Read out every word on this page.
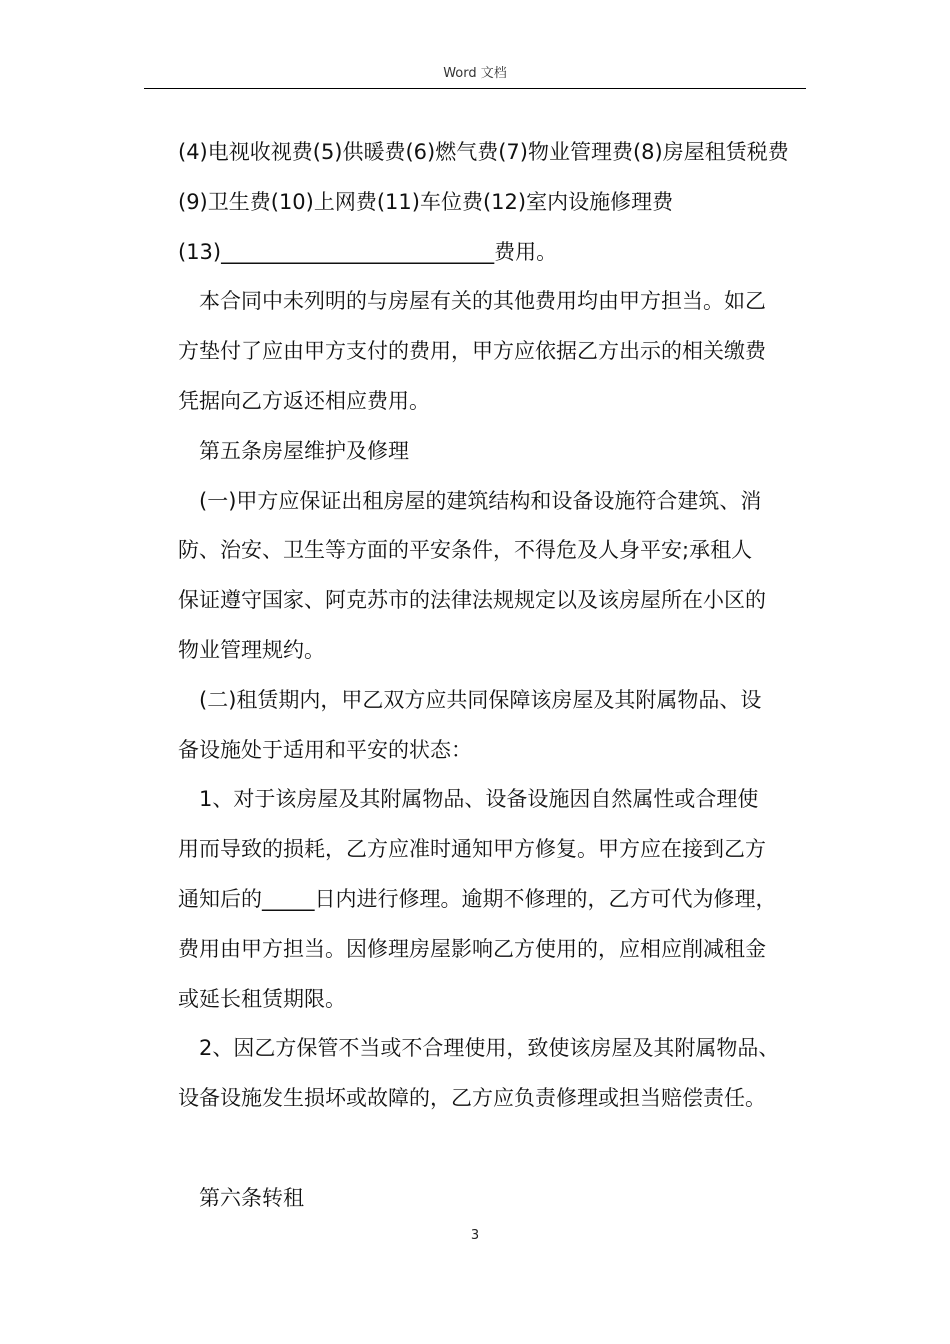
Word 文档
(4)电视收视费(5)供暖费(6)燃气费(7)物业管理费(8)房屋租赁税费
(9)卫生费(10)上网费(11)车位费(12)室内设施修理费
(13)__________________________费用。
本合同中未列明的与房屋有关的其他费用均由甲方担当。如乙
方垫付了应由甲方支付的费用，甲方应依据乙方出示的相关缴费
凭据向乙方返还相应费用。
第五条房屋维护及修理
(一)甲方应保证出租房屋的建筑结构和设备设施符合建筑、消
防、治安、卫生等方面的平安条件，不得危及人身平安;承租人
保证遵守国家、阿克苏市的法律法规规定以及该房屋所在小区的
物业管理规约。
(二)租赁期内，甲乙双方应共同保障该房屋及其附属物品、设
备设施处于适用和平安的状态：
1、对于该房屋及其附属物品、设备设施因自然属性或合理使
用而导致的损耗，乙方应准时通知甲方修复。甲方应在接到乙方
通知后的_____日内进行修理。逾期不修理的，乙方可代为修理，
费用由甲方担当。因修理房屋影响乙方使用的，应相应削减租金
或延长租赁期限。
2、因乙方保管不当或不合理使用，致使该房屋及其附属物品、
设备设施发生损坏或故障的，乙方应负责修理或担当赔偿责任。
第六条转租
3
